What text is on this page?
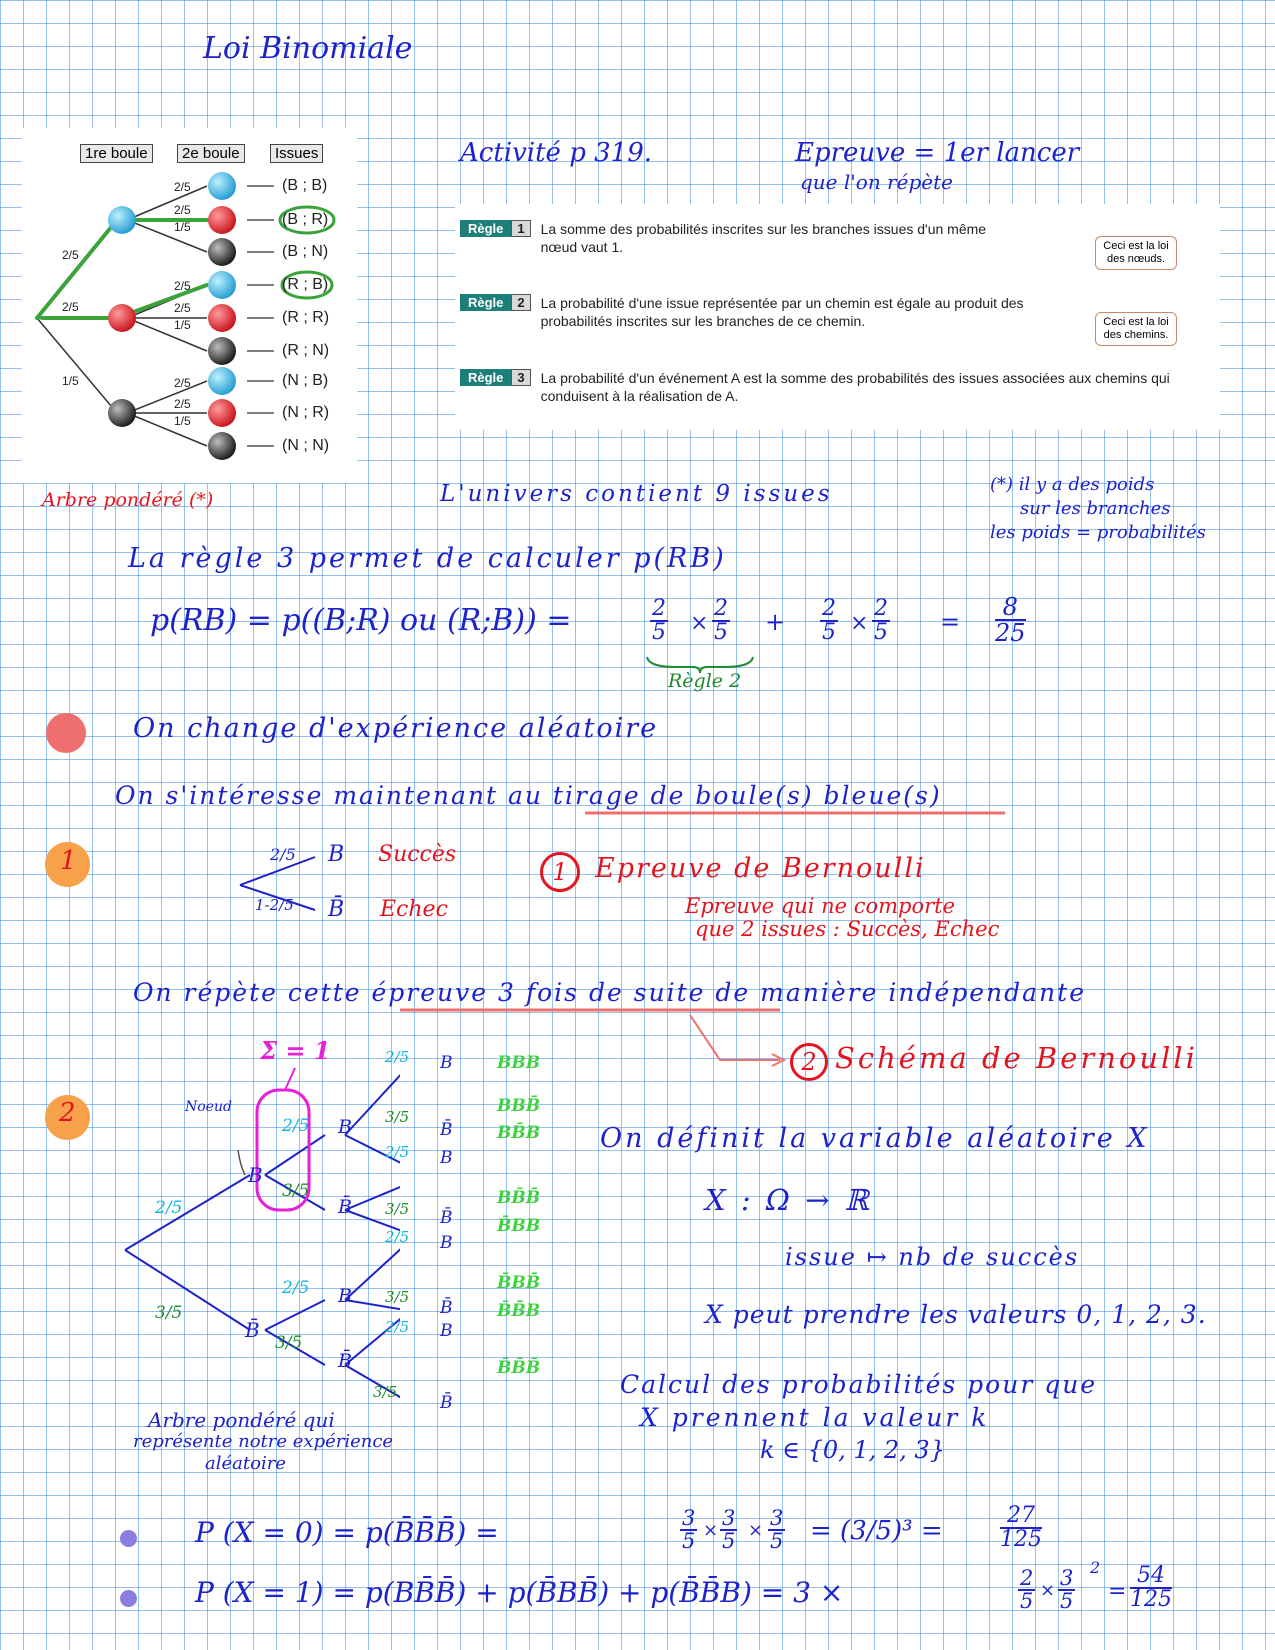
Loi Binomiale
1re boule	2e boule	Issues
2/5
2/5
1/5
2/5
2/5
1/5
2/5
2/5
1/5
2/5
2/5
1/5
(B ; B)
(B ; R)
(B ; N)
(R ; B)
(R ; R)
(R ; N)
(N ; B)
(N ; R)
(N ; N)
Arbre pondéré (*)
Activité p 319.	Epreuve = 1er lancer
que l'on répète
Règle 1 La somme des probabilités inscrites sur les branches issues d'un même nœud vaut 1.	Ceci est la loi des nœuds.
Règle 2 La probabilité d'une issue représentée par un chemin est égale au produit des probabilités inscrites sur les branches de ce chemin.	Ceci est la loi des chemins.
Règle 3 La probabilité d'un événement A est la somme des probabilités des issues associées aux chemins qui conduisent à la réalisation de A.
L'univers contient 9 issues	(*) il y a des poids
sur les branches
les poids = probabilités
La règle 3 permet de calculer p(RB)
p(RB) = p((B;R) ou (R;B)) =	$\frac{2}{5} \times \frac{2}{5} + \frac{2}{5} \times \frac{2}{5} = \frac{8}{25}$
Règle 2
On change d'expérience aléatoire
On s'intéresse maintenant au tirage de boule(s) bleue(s)
1	2/5
1-2/5
B
B̄
Succès
Echec
1	Epreuve de Bernoulli
Epreuve qui ne comporte
que 2 issues : Succès, Echec
On répète cette épreuve 3 fois de suite de manière indépendante
2 Schéma de Bernoulli
2
Σ = 1
Noeud
B
B̄
2/5
3/5
2/5
3/5
2/5
3/5
B
B̄
B
B̄
2/5
3/5
2/5
3/5
2/5
3/5
2/5
3/5
B
B̄
B
B̄
B
B̄
B
B̄
BBB
BBB̄
BB̄B
BB̄B̄
B̄BB
B̄BB̄
B̄B̄B
B̄B̄B̄
On définit la variable aléatoire X
X : Ω → ℝ
issue ↦ nb de succès
X peut prendre les valeurs 0, 1, 2, 3.
Calcul des probabilités pour que
X prennent la valeur k
k ∈ {0, 1, 2, 3}
Arbre pondéré qui
représente notre expérience
aléatoire
P (X = 0) = p(B̄B̄B̄) =	$\frac{3}{5} \times \frac{3}{5} \times \frac{3}{5} = (3/5)^3$ =	$\frac{27}{125}$
P (X = 1) = p(BB̄B̄) + p(B̄BB̄) + p(B̄B̄B) = 3 ×	$\frac{2}{5} \times \frac{3}{5}$
2
= $\frac{54}{125}$
